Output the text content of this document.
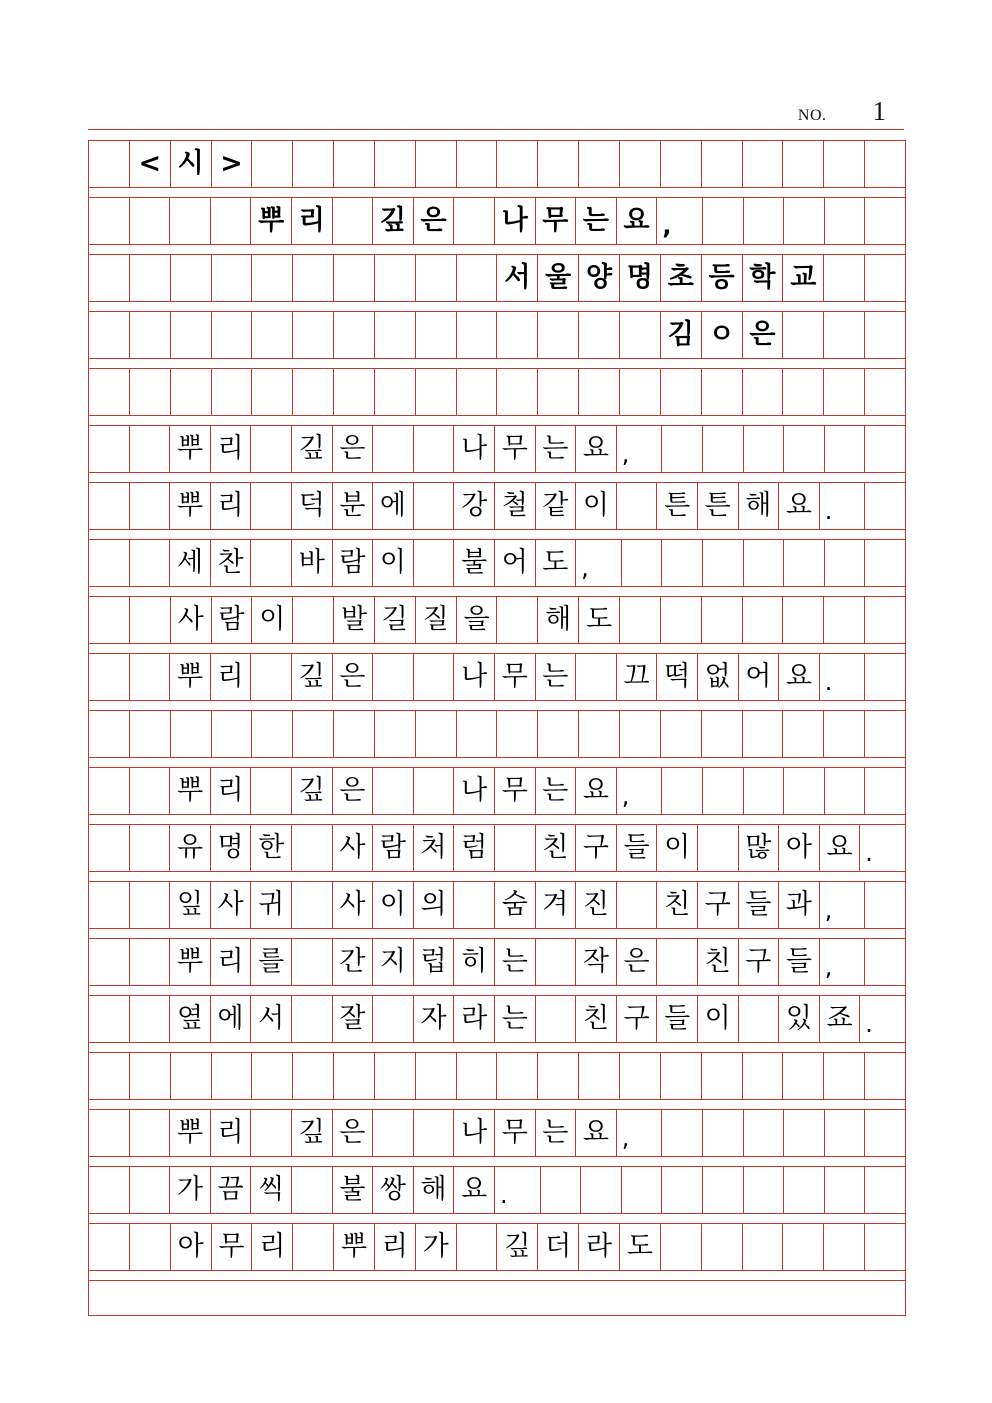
NO. 1
< 시 >
뿌 리 깊 은 나 무 는 요 ,
서 울 양 명 초 등 학 교
김 ㅇ 은
뿌 리 깊 은	나 무 는 요 ,
뿌 리 덕 분 에 강 철 같 이 튼 튼 해 요 .
세 찬 바 람 이 불 어 도 ,
사 람 이 발 길 질 을 해 도
뿌 리 깊 은	나 무 는 끄 떡 없 어 요 .
뿌 리 깊 은	나 무 는 요 ,
유 명 한 사 람 처 럼 친 구 들 이 많 아 요 .
잎 사 귀 사 이 의 숨 겨 진 친 구 들 과 ,
뿌 리 를 간 지 럽 히 는 작 은 친 구 들 ,
옆 에 서 잘 자 라 는 친 구 들 이 있 죠 .
뿌 리 깊 은	나 무 는 요 ,
가 끔 씩 불 쌍 해 요 .
아 무 리 뿌 리 가 깊 더 라 도
